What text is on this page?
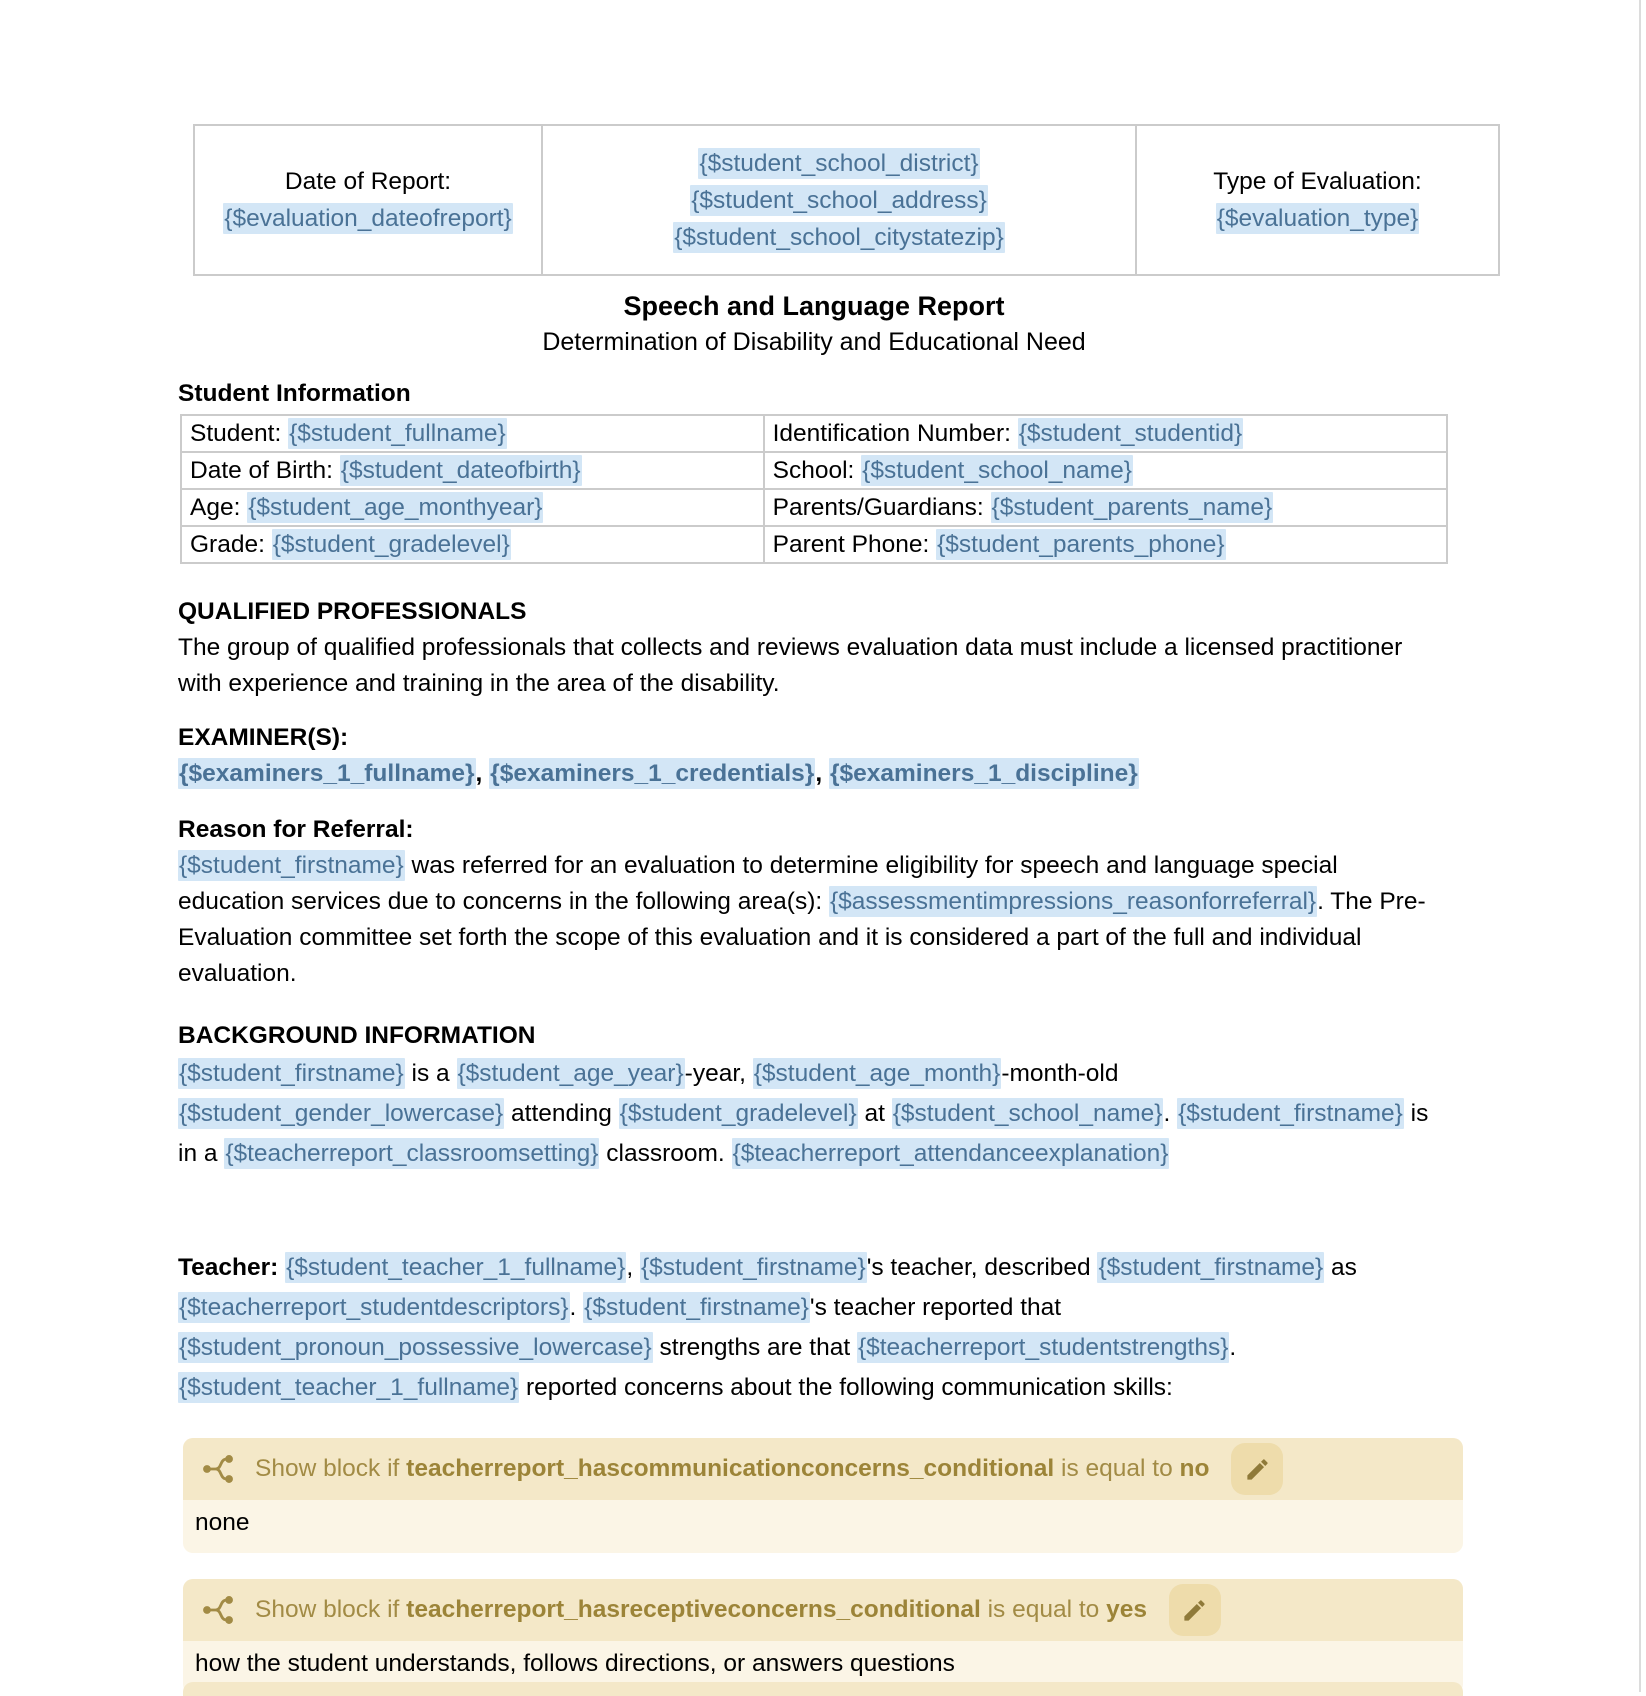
Date of Report:
{$evaluation_dateofreport}

{$student_school_district}
{$student_school_address}
{$student_school_citystatezip}

Type of Evaluation:
{$evaluation_type}
Speech and Language Report
Determination of Disability and Educational Need
Student Information
Student: {$student_fullname}	Identification Number: {$student_studentid}
Date of Birth: {$student_dateofbirth}	School: {$student_school_name}
Age: {$student_age_monthyear}	Parents/Guardians: {$student_parents_name}
Grade: {$student_gradelevel}	Parent Phone: {$student_parents_phone}
QUALIFIED PROFESSIONALS
The group of qualified professionals that collects and reviews evaluation data must include a licensed practitioner with experience and training in the area of the disability.
EXAMINER(S):
{$examiners_1_fullname}, {$examiners_1_credentials}, {$examiners_1_discipline}
Reason for Referral:
{$student_firstname} was referred for an evaluation to determine eligibility for speech and language special education services due to concerns in the following area(s): {$assessmentimpressions_reasonforreferral}. The Pre-Evaluation committee set forth the scope of this evaluation and it is considered a part of the full and individual evaluation.
BACKGROUND INFORMATION
{$student_firstname} is a {$student_age_year}-year, {$student_age_month}-month-old {$student_gender_lowercase} attending {$student_gradelevel} at {$student_school_name}. {$student_firstname} is in a {$teacherreport_classroomsetting} classroom. {$teacherreport_attendanceexplanation}
Teacher: {$student_teacher_1_fullname}, {$student_firstname}'s teacher, described {$student_firstname} as {$teacherreport_studentdescriptors}. {$student_firstname}'s teacher reported that {$student_pronoun_possessive_lowercase} strengths are that {$teacherreport_studentstrengths}. {$student_teacher_1_fullname} reported concerns about the following communication skills:
Show block if teacherreport_hascommunicationconcerns_conditional is equal to no
none
Show block if teacherreport_hasreceptiveconcerns_conditional is equal to yes
how the student understands, follows directions, or answers questions
